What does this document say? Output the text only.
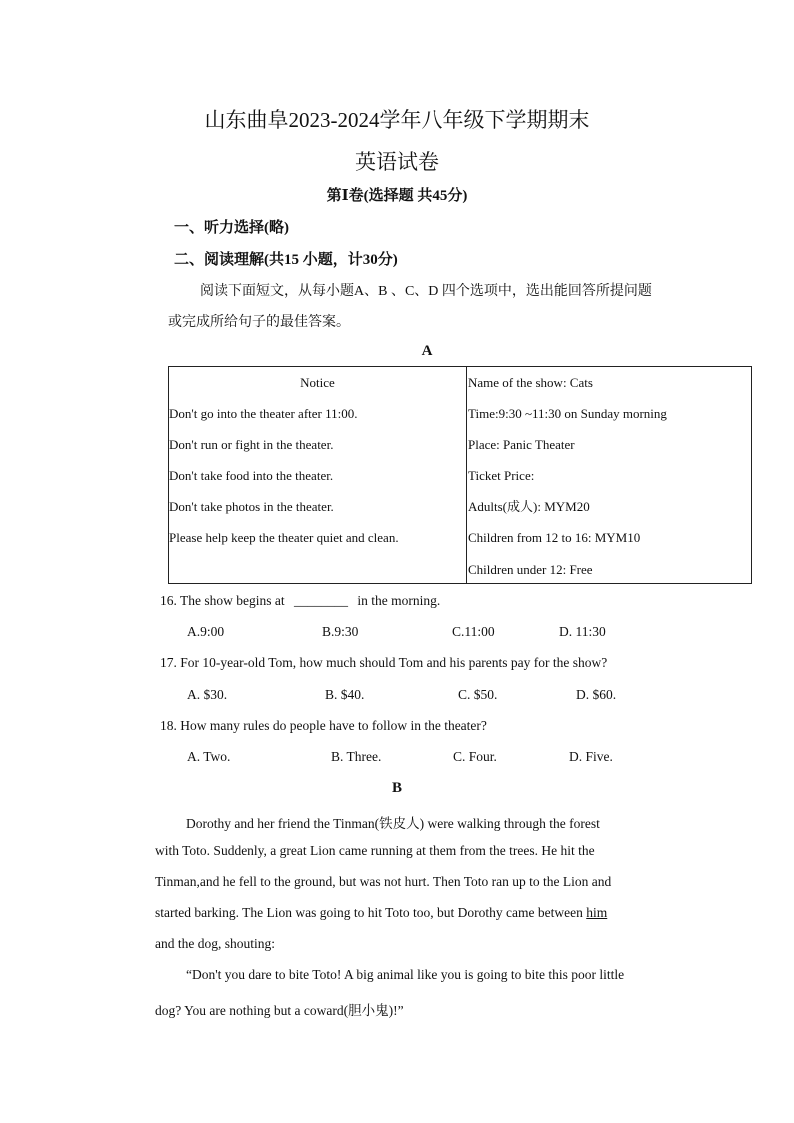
山东曲阜2023-2024学年八年级下学期期末
英语试卷
第Ⅰ卷(选择题 共45分)
一、听力选择(略)
二、阅读理解(共15 小题，计30分)
阅读下面短文，从每小题A、B 、C、D 四个选项中，选出能回答所提问题
或完成所给句子的最佳答案。
A
Notice
Don't go into the theater after 11:00.
Don't run or fight in the theater.
Don't take food into the theater.
Don't take photos in the theater.
Please help keep the theater quiet and clean.
Name of the show: Cats
Time:9:30 ~11:30 on Sunday morning
Place: Panic Theater
Ticket Price:
Adults(成人): MYM20
Children from 12 to 16: MYM10
Children under 12: Free
16. The show begins at ________ in the morning.
A.9:00	B.9:30	C.11:00	D. 11:30
17. For 10-year-old Tom, how much should Tom and his parents pay for the show?
A. $30.	B. $40.	C. $50.	D. $60.
18. How many rules do people have to follow in the theater?
A. Two.	B. Three.	C. Four.	D. Five.
B
Dorothy and her friend the Tinman(铁皮人) were walking through the forest
with Toto. Suddenly, a great Lion came running at them from the trees. He hit the
Tinman,and he fell to the ground, but was not hurt. Then Toto ran up to the Lion and
started barking. The Lion was going to hit Toto too, but Dorothy came between him
and the dog, shouting:
“Don't you dare to bite Toto! A big animal like you is going to bite this poor little
dog? You are nothing but a coward(胆小鬼)!”
